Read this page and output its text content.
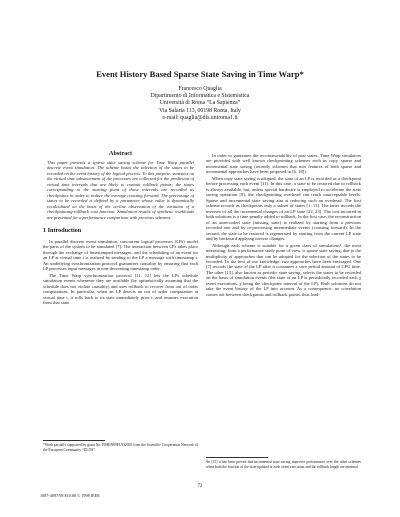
Event History Based Sparse State Saving in Time Warp*
Francesco Quaglia
Dipartimento di Informatica e Sistemistica
Università di Roma “La Sapienza”
Via Salaria 113, 00198 Roma, Italy
e-mail: quaglia@dis.uniroma1.it
Abstract
This paper presents a sparse state saving scheme for Time Warp parallel discrete event simulation. The scheme bases the selection of the states to be recorded on the event history of the logical process. To this purpose, statistics on the virtual time advancement of the processes are collected for the prediction of virtual time intervals that are likely to contain rollback points; the states corresponding to the starting point of those intervals are recorded as checkpoints in order to reduce the average coasting forward. The percentage of states to be recorded is defined by a parameter whose value is dynamically recalculated on the basis of the on-line observation of the variation of a checkpointing-rollback cost function. Simulation results of synthetic workloads are presented for a performance comparison with previous schemes.
1 Introduction

In parallel discrete event simulation, concurrent logical processes (LPs) model the parts of the system to be simulated [7]. The interaction between LPs takes place through the exchange of timestamped messages, and the scheduling of an event for an LP at virtual time t is realized by sending to the LP a message with timestamp t. An underlying synchronization protocol guarantees causality by ensuring that each LP processes input messages in non-decreasing timestamp order.

The Time Warp synchronization protocol [11, 12] lets the LPs schedule simulation events whenever they are available (by optimistically assuming that the schedule does not violate causality) and uses rollback to recover from out of order computations. In particular, when an LP detects an out of order computation at virtual time t, it rolls back to its state immediately prior t, and resumes execution from that state.

*Work partially supported by grant No. ERBIN09PL932003 from the Scientific Cooperation Network of the European Community “DLOS”.

In order to guarantee the reconstructability of past states, Time Warp simulators are provided with well known checkpointing schemes such as copy, sparse and incremental state saving (recently schemes that mix features of both sparse and incremental approaches have been proposed in [6, 18]).

When copy state saving is adopted, the state of an LP is recorded as a checkpoint before processing each event [11]. In this case, a state to be restored due to rollback is always available, but, unless special hardware is employed to accelerate the state saving operation [9], the checkpointing overhead can reach unacceptable levels. Sparse and incremental state saving aim at reducing such an overhead. The first scheme records as checkpoints only a subset of states [1, 13]. The latter records the inverses of all the incremental changes of an LP state [22, 23]. The cost incurred in both solutions is a time penalty added to rollback. In the first case, the reconstruction of an unrecorded state (missing state) is realized by starting from a previous recorded one and by re-processing intermediate events (coasting forward). In the second, the state to be restored is regenerated by starting from the current LP state and by backward applying inverse changes.

Although each scheme is suitable for a given class of simulations¹, the most interesting, from a performance study point of view, is sparse state saving, due to the multiplicity of approaches that can be adopted for the selection of the states to be recorded. To the best of our knowledge, two approaches have been envisaged. One [7] records the state of the LP after it consumes a save period amount of CPU time. The other [13], also known as periodic state saving, selects the states to be recorded on the basis of simulation events (the state of an LP is periodically recorded each χ event executions, χ being the checkpoint interval of the LP). Both solutions do not take the event history of the LP into account. As a consequence, no correlation comes out between checkpoints and rollback points, thus lead-

¹In [15] it has been proved that incremental state saving improves performance over the other schemes when both the fraction of the state updated at each event execution and the rollback length are minimal.
72
1087-4097/98 $10.00 © 1998 IEEE
